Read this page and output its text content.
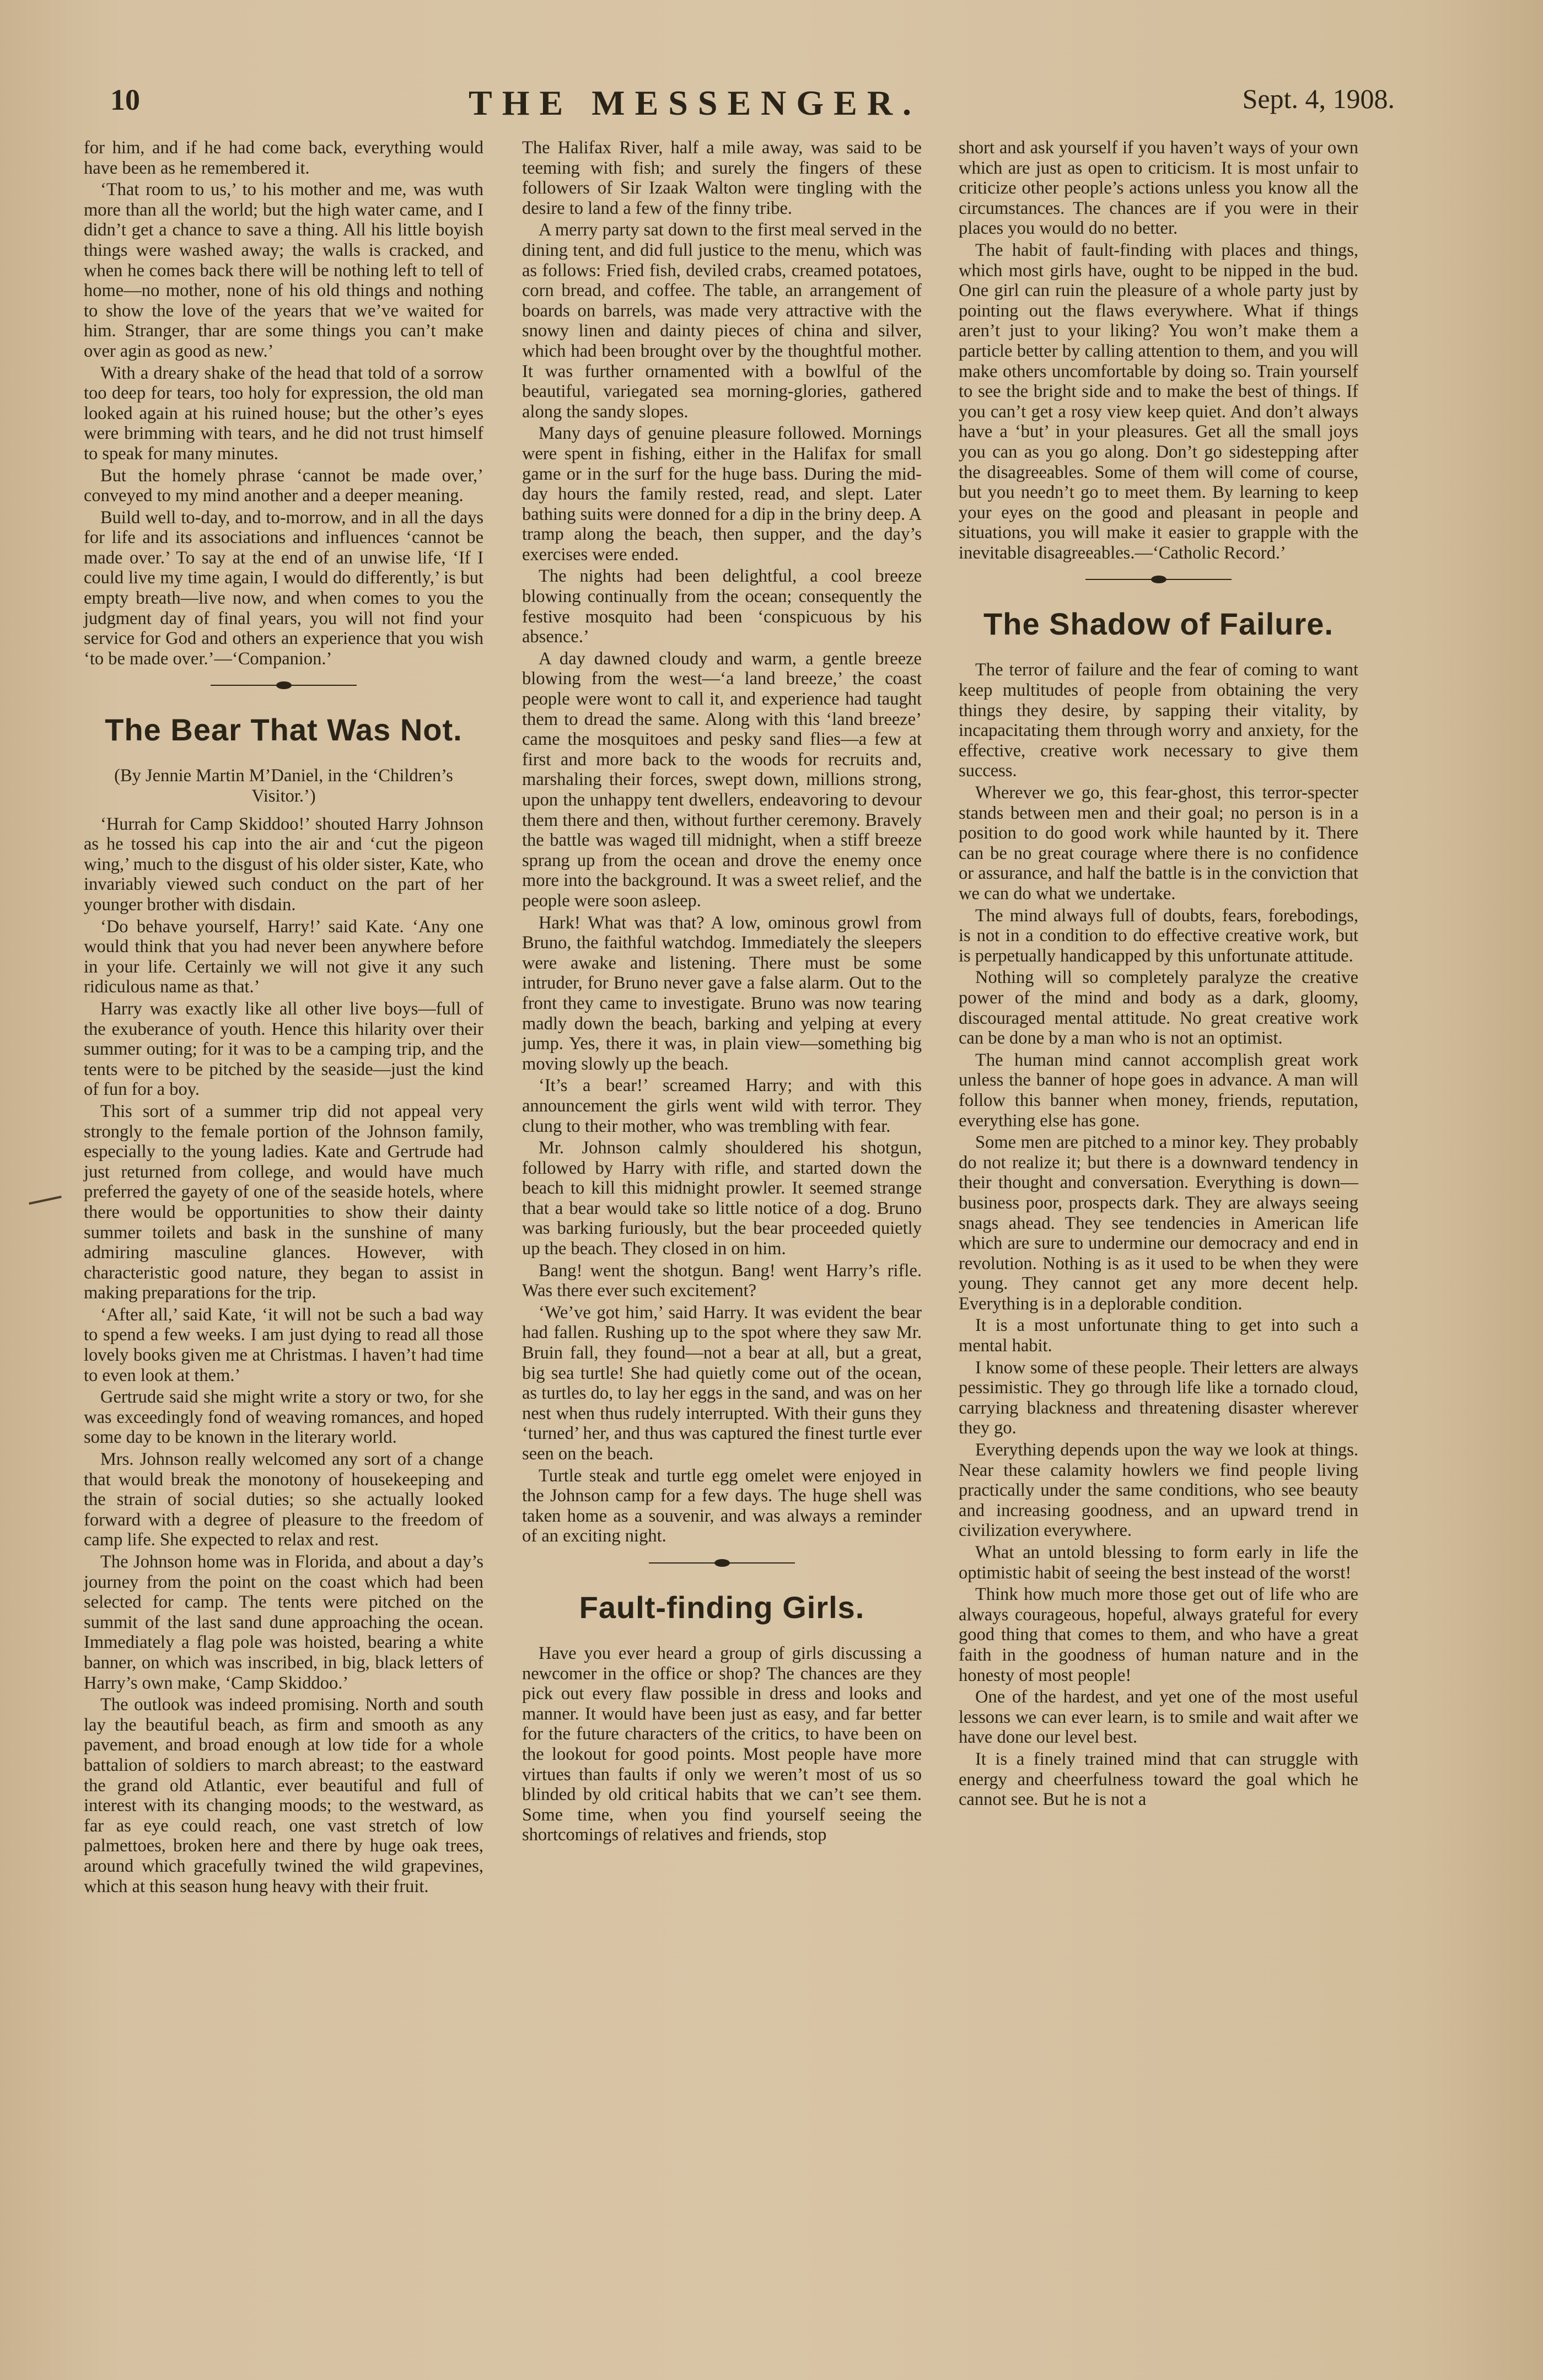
10	THE MESSENGER.	Sept. 4, 1908.

for him, and if he had come back, everything would have been as he remembered it.

‘That room to us,’ to his mother and me, was wuth more than all the world; but the high water came, and I didn’t get a chance to save a thing. All his little boyish things were washed away; the walls is cracked, and when he comes back there will be nothing left to tell of home—no mother, none of his old things and nothing to show the love of the years that we’ve waited for him. Stranger, thar are some things you can’t make over agin as good as new.’

With a dreary shake of the head that told of a sorrow too deep for tears, too holy for expression, the old man looked again at his ruined house; but the other’s eyes were brimming with tears, and he did not trust himself to speak for many minutes.

But the homely phrase ‘cannot be made over,’ conveyed to my mind another and a deeper meaning.

Build well to-day, and to-morrow, and in all the days for life and its associations and influences ‘cannot be made over.’ To say at the end of an unwise life, ‘If I could live my time again, I would do differently,’ is but empty breath—live now, and when comes to you the judgment day of final years, you will not find your service for God and others an experience that you wish ‘to be made over.’—‘Companion.’

The Bear That Was Not.

(By Jennie Martin M’Daniel, in the ‘Children’s Visitor.’)

‘Hurrah for Camp Skiddoo!’ shouted Harry Johnson as he tossed his cap into the air and ‘cut the pigeon wing,’ much to the disgust of his older sister, Kate, who invariably viewed such conduct on the part of her younger brother with disdain.

‘Do behave yourself, Harry!’ said Kate. ‘Any one would think that you had never been anywhere before in your life. Certainly we will not give it any such ridiculous name as that.’

Harry was exactly like all other live boys—full of the exuberance of youth. Hence this hilarity over their summer outing; for it was to be a camping trip, and the tents were to be pitched by the seaside—just the kind of fun for a boy.

This sort of a summer trip did not appeal very strongly to the female portion of the Johnson family, especially to the young ladies. Kate and Gertrude had just returned from college, and would have much preferred the gayety of one of the seaside hotels, where there would be opportunities to show their dainty summer toilets and bask in the sunshine of many admiring masculine glances. However, with characteristic good nature, they began to assist in making preparations for the trip.

‘After all,’ said Kate, ‘it will not be such a bad way to spend a few weeks. I am just dying to read all those lovely books given me at Christmas. I haven’t had time to even look at them.’

Gertrude said she might write a story or two, for she was exceedingly fond of weaving romances, and hoped some day to be known in the literary world.

Mrs. Johnson really welcomed any sort of a change that would break the monotony of housekeeping and the strain of social duties; so she actually looked forward with a degree of pleasure to the freedom of camp life. She expected to relax and rest.

The Johnson home was in Florida, and about a day’s journey from the point on the coast which had been selected for camp. The tents were pitched on the summit of the last sand dune approaching the ocean. Immediately a flag pole was hoisted, bearing a white banner, on which was inscribed, in big, black letters of Harry’s own make, ‘Camp Skiddoo.’

The outlook was indeed promising. North and south lay the beautiful beach, as firm and smooth as any pavement, and broad enough at low tide for a whole battalion of soldiers to march abreast; to the eastward the grand old Atlantic, ever beautiful and full of interest with its changing moods; to the westward, as far as eye could reach, one vast stretch of low palmettoes, broken here and there by huge oak trees, around which gracefully twined the wild grapevines, which at this season hung heavy with their fruit.

The Halifax River, half a mile away, was said to be teeming with fish; and surely the fingers of these followers of Sir Izaak Walton were tingling with the desire to land a few of the finny tribe.

A merry party sat down to the first meal served in the dining tent, and did full justice to the menu, which was as follows: Fried fish, deviled crabs, creamed potatoes, corn bread, and coffee. The table, an arrangement of boards on barrels, was made very attractive with the snowy linen and dainty pieces of china and silver, which had been brought over by the thoughtful mother. It was further ornamented with a bowlful of the beautiful, variegated sea morning-glories, gathered along the sandy slopes.

Many days of genuine pleasure followed. Mornings were spent in fishing, either in the Halifax for small game or in the surf for the huge bass. During the mid-day hours the family rested, read, and slept. Later bathing suits were donned for a dip in the briny deep. A tramp along the beach, then supper, and the day’s exercises were ended.

The nights had been delightful, a cool breeze blowing continually from the ocean; consequently the festive mosquito had been ‘conspicuous by his absence.’

A day dawned cloudy and warm, a gentle breeze blowing from the west—‘a land breeze,’ the coast people were wont to call it, and experience had taught them to dread the same. Along with this ‘land breeze’ came the mosquitoes and pesky sand flies—a few at first and more back to the woods for recruits and, marshaling their forces, swept down, millions strong, upon the unhappy tent dwellers, endeavoring to devour them there and then, without further ceremony. Bravely the battle was waged till midnight, when a stiff breeze sprang up from the ocean and drove the enemy once more into the background. It was a sweet relief, and the people were soon asleep.

Hark! What was that? A low, ominous growl from Bruno, the faithful watchdog. Immediately the sleepers were awake and listening. There must be some intruder, for Bruno never gave a false alarm. Out to the front they came to investigate. Bruno was now tearing madly down the beach, barking and yelping at every jump. Yes, there it was, in plain view—something big moving slowly up the beach.

‘It’s a bear!’ screamed Harry; and with this announcement the girls went wild with terror. They clung to their mother, who was trembling with fear.

Mr. Johnson calmly shouldered his shotgun, followed by Harry with rifle, and started down the beach to kill this midnight prowler. It seemed strange that a bear would take so little notice of a dog. Bruno was barking furiously, but the bear proceeded quietly up the beach. They closed in on him.

Bang! went the shotgun. Bang! went Harry’s rifle. Was there ever such excitement?

‘We’ve got him,’ said Harry. It was evident the bear had fallen. Rushing up to the spot where they saw Mr. Bruin fall, they found—not a bear at all, but a great, big sea turtle! She had quietly come out of the ocean, as turtles do, to lay her eggs in the sand, and was on her nest when thus rudely interrupted. With their guns they ‘turned’ her, and thus was captured the finest turtle ever seen on the beach.

Turtle steak and turtle egg omelet were enjoyed in the Johnson camp for a few days. The huge shell was taken home as a souvenir, and was always a reminder of an exciting night.

Fault-finding Girls.

Have you ever heard a group of girls discussing a newcomer in the office or shop? The chances are they pick out every flaw possible in dress and looks and manner. It would have been just as easy, and far better for the future characters of the critics, to have been on the lookout for good points. Most people have more virtues than faults if only we weren’t most of us so blinded by old critical habits that we can’t see them. Some time, when you find yourself seeing the shortcomings of relatives and friends, stop

short and ask yourself if you haven’t ways of your own which are just as open to criticism. It is most unfair to criticize other people’s actions unless you know all the circumstances. The chances are if you were in their places you would do no better.

The habit of fault-finding with places and things, which most girls have, ought to be nipped in the bud. One girl can ruin the pleasure of a whole party just by pointing out the flaws everywhere. What if things aren’t just to your liking? You won’t make them a particle better by calling attention to them, and you will make others uncomfortable by doing so. Train yourself to see the bright side and to make the best of things. If you can’t get a rosy view keep quiet. And don’t always have a ‘but’ in your pleasures. Get all the small joys you can as you go along. Don’t go sidestepping after the disagreeables. Some of them will come of course, but you needn’t go to meet them. By learning to keep your eyes on the good and pleasant in people and situations, you will make it easier to grapple with the inevitable disagreeables.—‘Catholic Record.’

The Shadow of Failure.

The terror of failure and the fear of coming to want keep multitudes of people from obtaining the very things they desire, by sapping their vitality, by incapacitating them through worry and anxiety, for the effective, creative work necessary to give them success.

Wherever we go, this fear-ghost, this terror-specter stands between men and their goal; no person is in a position to do good work while haunted by it. There can be no great courage where there is no confidence or assurance, and half the battle is in the conviction that we can do what we undertake.

The mind always full of doubts, fears, forebodings, is not in a condition to do effective creative work, but is perpetually handicapped by this unfortunate attitude.

Nothing will so completely paralyze the creative power of the mind and body as a dark, gloomy, discouraged mental attitude. No great creative work can be done by a man who is not an optimist.

The human mind cannot accomplish great work unless the banner of hope goes in advance. A man will follow this banner when money, friends, reputation, everything else has gone.

Some men are pitched to a minor key. They probably do not realize it; but there is a downward tendency in their thought and conversation. Everything is down—business poor, prospects dark. They are always seeing snags ahead. They see tendencies in American life which are sure to undermine our democracy and end in revolution. Nothing is as it used to be when they were young. They cannot get any more decent help. Everything is in a deplorable condition.

It is a most unfortunate thing to get into such a mental habit.

I know some of these people. Their letters are always pessimistic. They go through life like a tornado cloud, carrying blackness and threatening disaster wherever they go.

Everything depends upon the way we look at things. Near these calamity howlers we find people living practically under the same conditions, who see beauty and increasing goodness, and an upward trend in civilization everywhere.

What an untold blessing to form early in life the optimistic habit of seeing the best instead of the worst!

Think how much more those get out of life who are always courageous, hopeful, always grateful for every good thing that comes to them, and who have a great faith in the goodness of human nature and in the honesty of most people!

One of the hardest, and yet one of the most useful lessons we can ever learn, is to smile and wait after we have done our level best.

It is a finely trained mind that can struggle with energy and cheerfulness toward the goal which he cannot see. But he is not a
